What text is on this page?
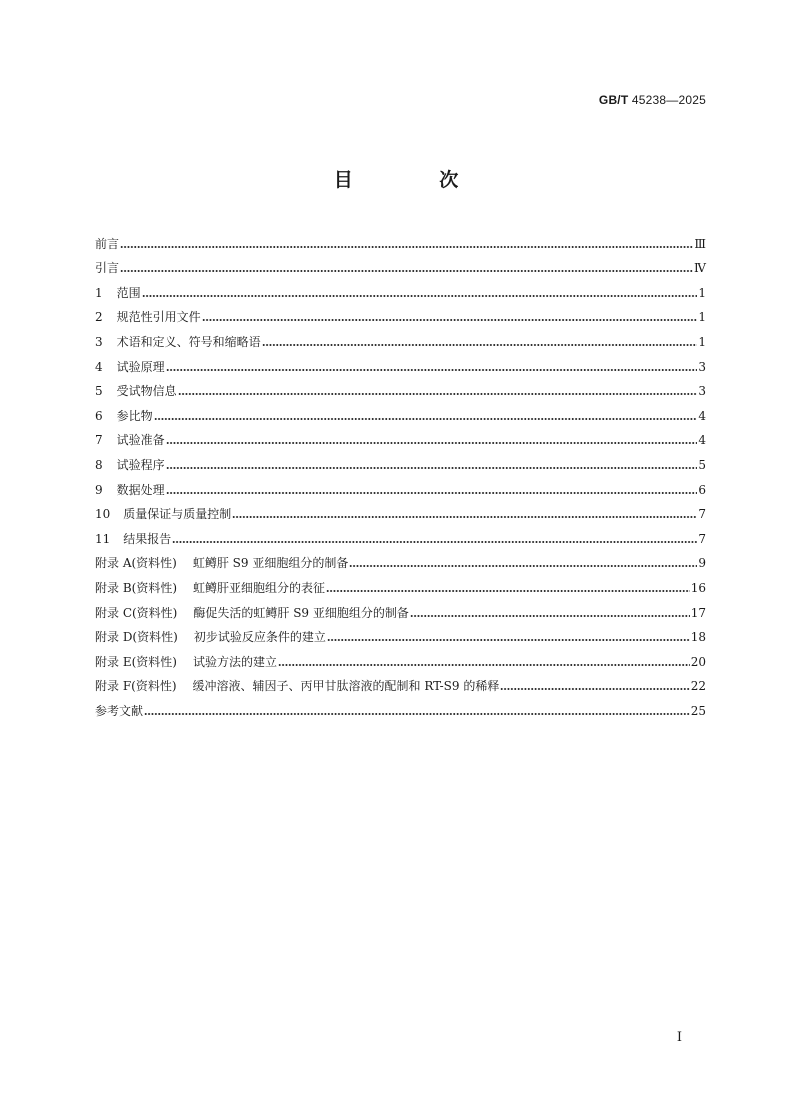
GB/T 45238—2025
目 次
前言	Ⅲ
引言	Ⅳ
1 范围	1
2 规范性引用文件	1
3 术语和定义、符号和缩略语	1
4 试验原理	3
5 受试物信息	3
6 参比物	4
7 试验准备	4
8 试验程序	5
9 数据处理	6
10 质量保证与质量控制	7
11 结果报告	7
附录 A(资料性) 虹鳟肝 S9 亚细胞组分的制备	9
附录 B(资料性) 虹鳟肝亚细胞组分的表征	16
附录 C(资料性) 酶促失活的虹鳟肝 S9 亚细胞组分的制备	17
附录 D(资料性) 初步试验反应条件的建立	18
附录 E(资料性) 试验方法的建立	20
附录 F(资料性) 缓冲溶液、辅因子、丙甲甘肽溶液的配制和 RT-S9 的稀释	22
参考文献	25
Ⅰ
